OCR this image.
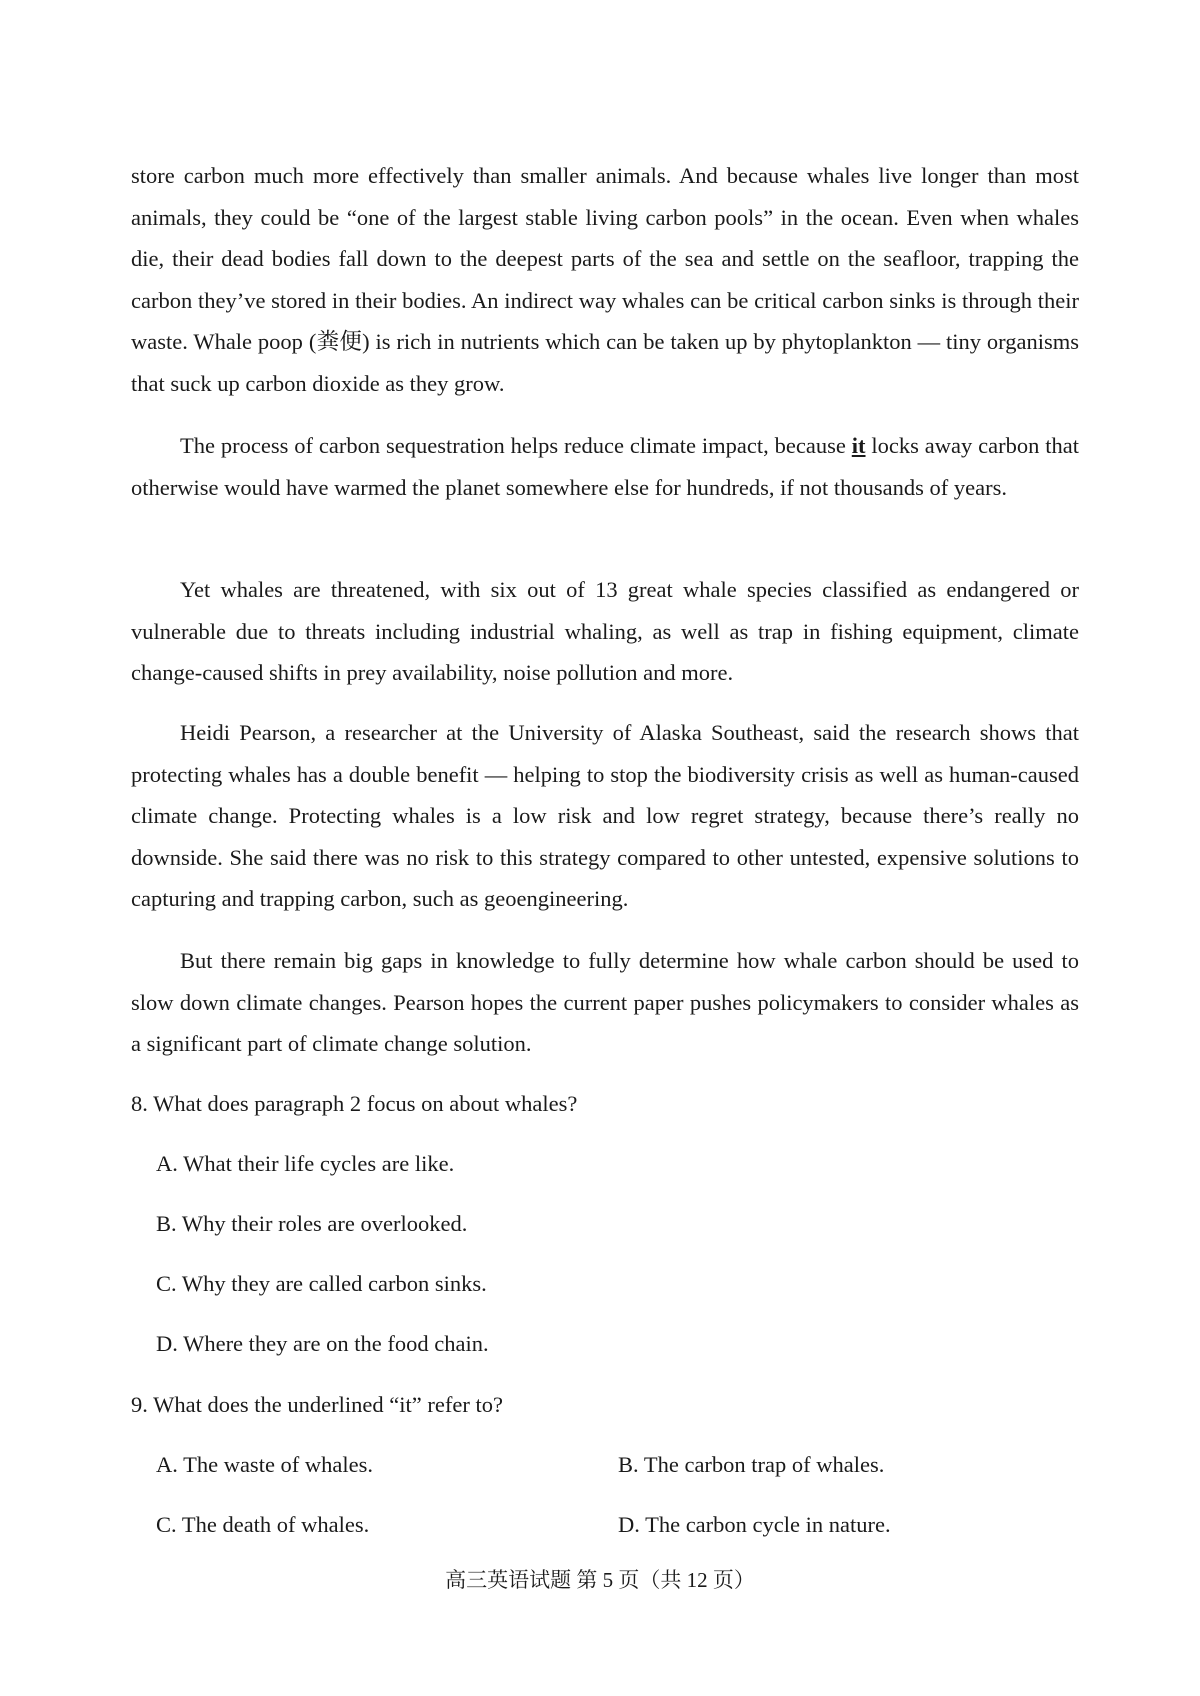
store carbon much more effectively than smaller animals. And because whales live longer than most animals, they could be “one of the largest stable living carbon pools” in the ocean. Even when whales die, their dead bodies fall down to the deepest parts of the sea and settle on the seafloor, trapping the carbon they’ve stored in their bodies. An indirect way whales can be critical carbon sinks is through their waste. Whale poop (粪便) is rich in nutrients which can be taken up by phytoplankton — tiny organisms that suck up carbon dioxide as they grow.

The process of carbon sequestration helps reduce climate impact, because it locks away carbon that otherwise would have warmed the planet somewhere else for hundreds, if not thousands of years.

Yet whales are threatened, with six out of 13 great whale species classified as endangered or vulnerable due to threats including industrial whaling, as well as trap in fishing equipment, climate change-caused shifts in prey availability, noise pollution and more.

Heidi Pearson, a researcher at the University of Alaska Southeast, said the research shows that protecting whales has a double benefit — helping to stop the biodiversity crisis as well as human-caused climate change. Protecting whales is a low risk and low regret strategy, because there’s really no downside. She said there was no risk to this strategy compared to other untested, expensive solutions to capturing and trapping carbon, such as geoengineering.

But there remain big gaps in knowledge to fully determine how whale carbon should be used to slow down climate changes. Pearson hopes the current paper pushes policymakers to consider whales as a significant part of climate change solution.

8. What does paragraph 2 focus on about whales?

A. What their life cycles are like.

B. Why their roles are overlooked.

C. Why they are called carbon sinks.

D. Where they are on the food chain.

9. What does the underlined “it” refer to?

A. The waste of whales.	B. The carbon trap of whales.

C. The death of whales.	D. The carbon cycle in nature.

高三英语试题 第 5 页（共 12 页）
